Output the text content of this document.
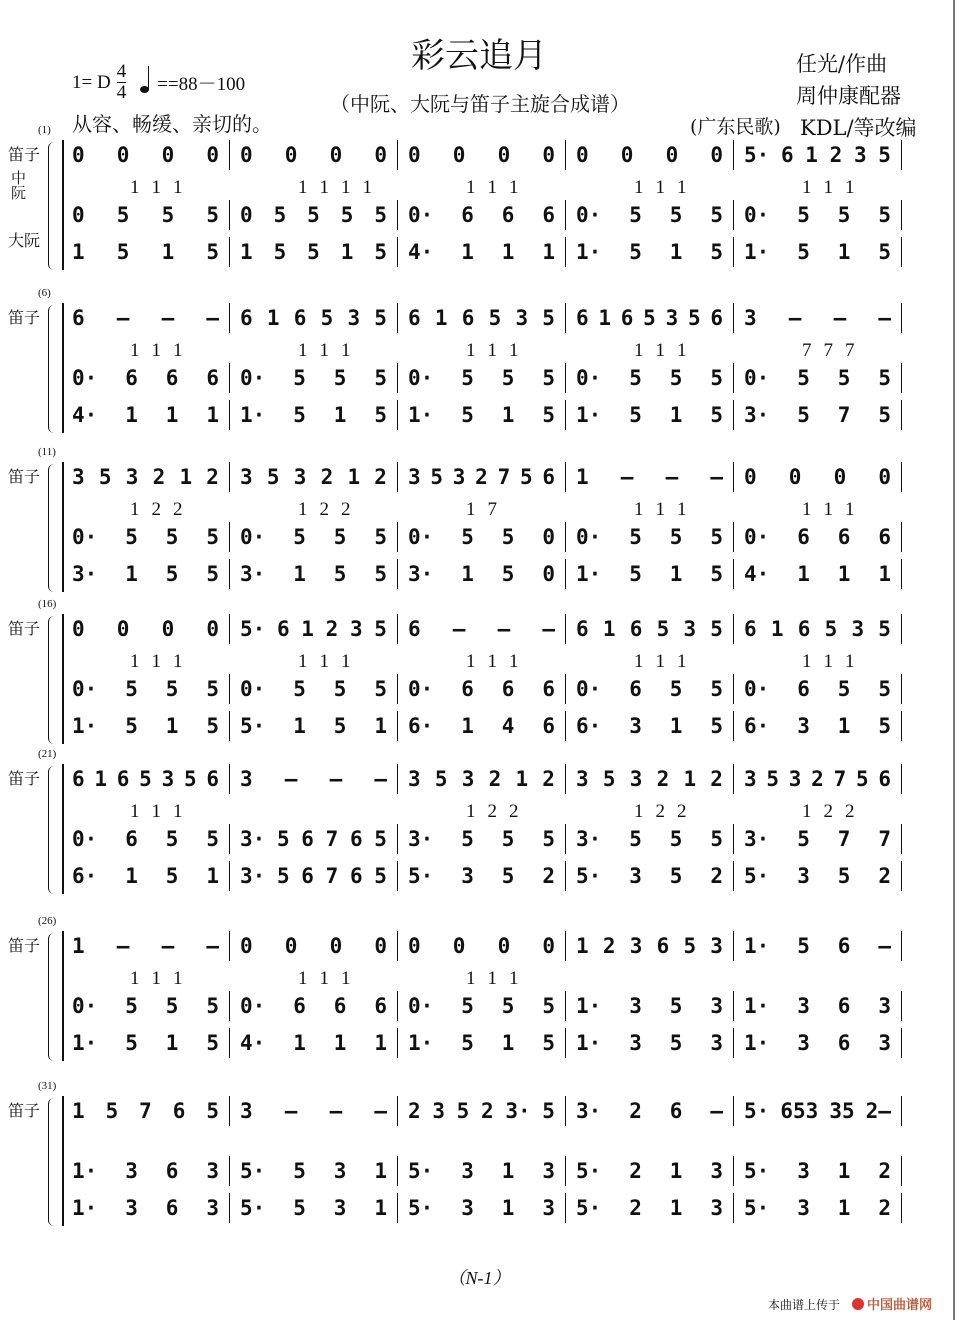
彩云追月
（中阮、大阮与笛子主旋合成谱）
1= D $\frac{4}{4} ==88-100$
从容、畅缓、亲切的。
任光/作曲
周仲康配器
(广东民歌) KDL/等改编
(1)
笛子
中阮
大阮
0 0 0 0 0 0 0 0 0 0 0 0 0 0 0 0 5· 6 1 2 3 5
1 1 1	1 1 1 1	1 1 1	1 1 1	1 1 1
0 5 5 5 0 5 5 5 5 0· 6 6 6 0· 5 5 5 0· 5 5 5
1 5 1 5 1 5 5 1 5 4· 1 1 1 1· 5 1 5 1· 5 1 5
(6)
笛子 6 – – – 6 1 6 5 3 5 6 1 6 5 3 5 6 1 6 5 3 5 6 3 – – –
1 1 1	1 1 1	1 1 1	1 1 1	7 7 7
0· 6 6 6 0· 5 5 5 0· 5 5 5 0· 5 5 5 0· 5 5 5
4· 1 1 1 1· 5 1 5 1· 5 1 5 1· 5 1 5 3· 5 7 5
(11)
笛子 3 5 3 2 1 2 3 5 3 2 1 2 3 5 3 2 7 5 6 1 – – – 0 0 0 0
1 2 2	1 2 2	1 7	1 1 1	1 1 1
0· 5 5 5 0· 5 5 5 0· 5 5 0 0· 5 5 5 0· 6 6 6
3· 1 5 5 3· 1 5 5 3· 1 5 0 1· 5 1 5 4· 1 1 1
(16)
笛子 0 0 0 0 5· 6 1 2 3 5 6 – – – 6 1 6 5 3 5 6 1 6 5 3 5
1 1 1	1 1 1	1 1 1	1 1 1	1 1 1
0· 5 5 5 0· 5 5 5 0· 6 6 6 0· 6 5 5 0· 6 5 5
1· 5 1 5 5· 1 5 1 6· 1 4 6 6· 3 1 5 6· 3 1 5
(21)
笛子 6 1 6 5 3 5 6 3 – – – 3 5 3 2 1 2 3 5 3 2 1 2 3 5 3 2 7 5 6
1 1 1	1 2 2	1 2 2	1 2 2
0· 6 5 5 3· 5 6 7 6 5 3· 5 5 5 3· 5 5 5 3· 5 7 7
6· 1 5 1 3· 5 6 7 6 5 5· 3 5 2 5· 3 5 2 5· 3 5 2
(26)
笛子 1 – – – 0 0 0 0 0 0 0 0 1 2 3 6 5 3 1· 5 6 –
1 1 1	1 1 1	1 1 1
0· 5 5 5 0· 6 6 6 0· 5 5 5 1· 3 5 3 1· 3 6 3
1· 5 1 5 4· 1 1 1 1· 5 1 5 1· 3 5 3 1· 3 6 3
(31)
笛子 1 5 7 6 5 3 – – – 2 3 5 2 3· 5 3· 2 6 – 5· 653 35 2–
1· 3 6 3 5· 5 3 1 5· 3 1 3 5· 2 1 3 5· 3 1 2
1· 3 6 3 5· 5 3 1 5· 3 1 3 5· 2 1 3 5· 3 1 2
（N-1）
本曲谱上传于	中国曲谱网
